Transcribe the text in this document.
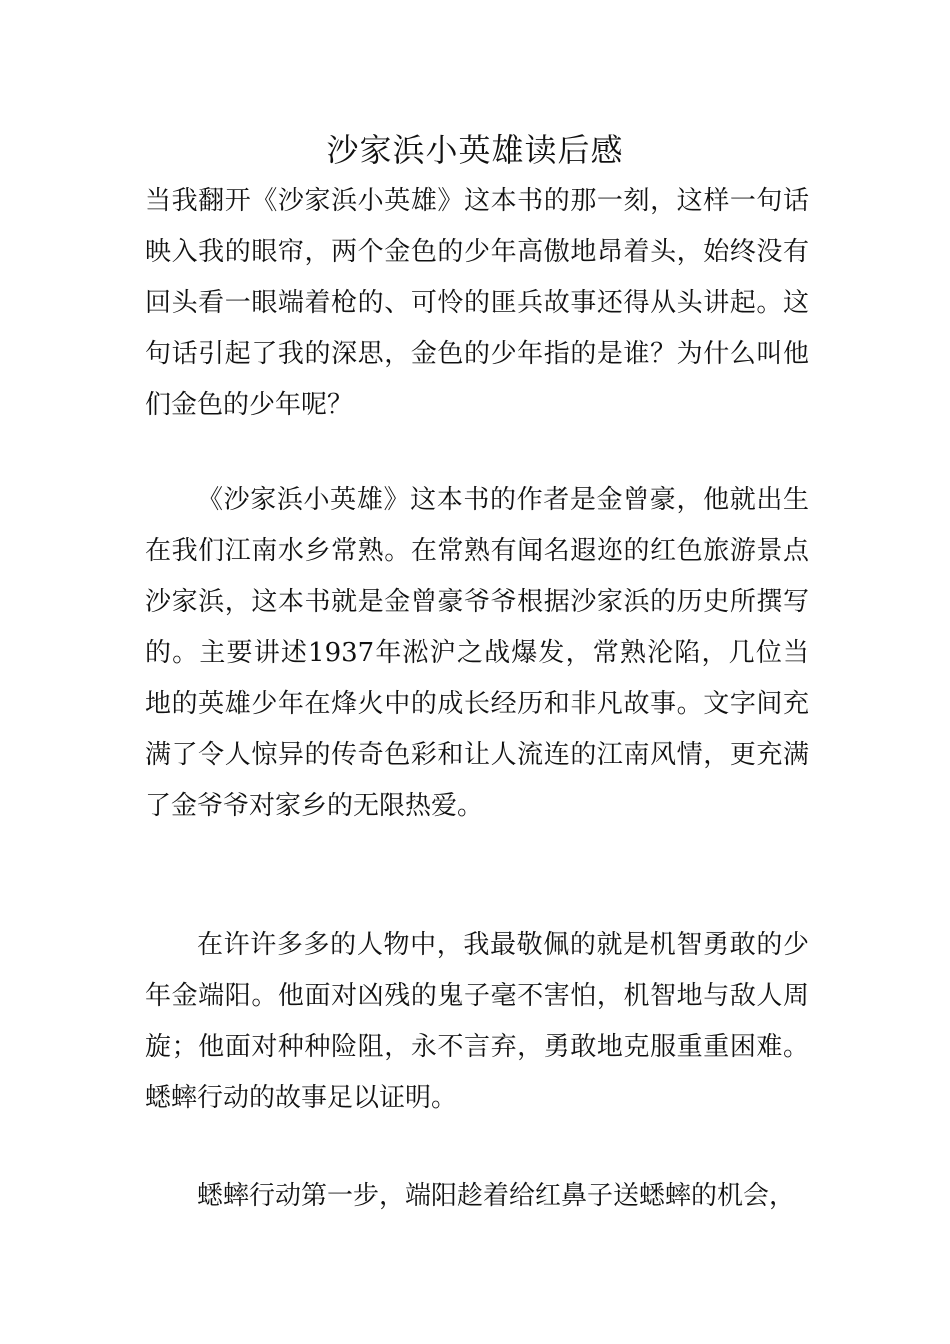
沙家浜小英雄读后感

当我翻开《沙家浜小英雄》这本书的那一刻，这样一句话映入我的眼帘，两个金色的少年高傲地昂着头，始终没有回头看一眼端着枪的、可怜的匪兵故事还得从头讲起。这句话引起了我的深思，金色的少年指的是谁？为什么叫他们金色的少年呢？

《沙家浜小英雄》这本书的作者是金曾豪，他就出生在我们江南水乡常熟。在常熟有闻名遐迩的红色旅游景点沙家浜，这本书就是金曾豪爷爷根据沙家浜的历史所撰写的。主要讲述1937年淞沪之战爆发，常熟沦陷，几位当地的英雄少年在烽火中的成长经历和非凡故事。文字间充满了令人惊异的传奇色彩和让人流连的江南风情，更充满了金爷爷对家乡的无限热爱。

在许许多多的人物中，我最敬佩的就是机智勇敢的少年金端阳。他面对凶残的鬼子毫不害怕，机智地与敌人周旋；他面对种种险阻，永不言弃，勇敢地克服重重困难。蟋蟀行动的故事足以证明。

蟋蟀行动第一步，端阳趁着给红鼻子送蟋蟀的机会，
